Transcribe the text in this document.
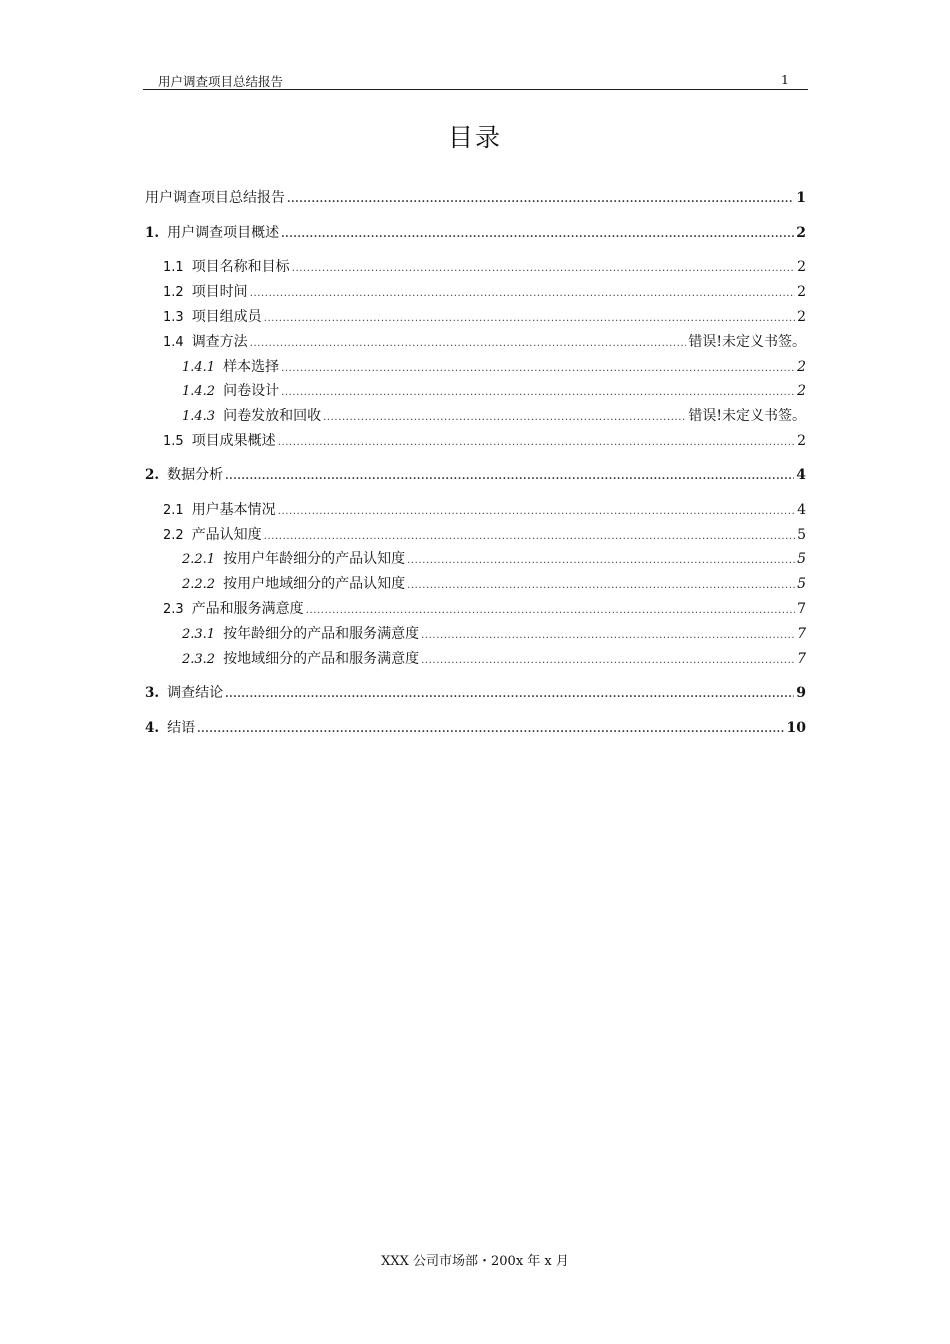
用户调查项目总结报告	1
目录
用户调查项目总结报告 .....	1
1. 用户调查项目概述 .....	2
1.1 项目名称和目标 .....	2
1.2 项目时间 .....	2
1.3 项目组成员 .....	2
1.4 调查方法 .....	错误!未定义书签。
1.4.1 样本选择 .....	2
1.4.2 问卷设计 .....	2
1.4.3 问卷发放和回收 .....	错误!未定义书签。
1.5 项目成果概述 .....	2
2. 数据分析 .....	4
2.1 用户基本情况 .....	4
2.2 产品认知度 .....	5
2.2.1 按用户年龄细分的产品认知度 .....	5
2.2.2 按用户地域细分的产品认知度 .....	5
2.3 产品和服务满意度 .....	7
2.3.1 按年龄细分的产品和服务满意度 .....	7
2.3.2 按地域细分的产品和服务满意度 .....	7
3. 调查结论 .....	9
4. 结语 .....	10
XXX 公司市场部・200x 年 x 月
